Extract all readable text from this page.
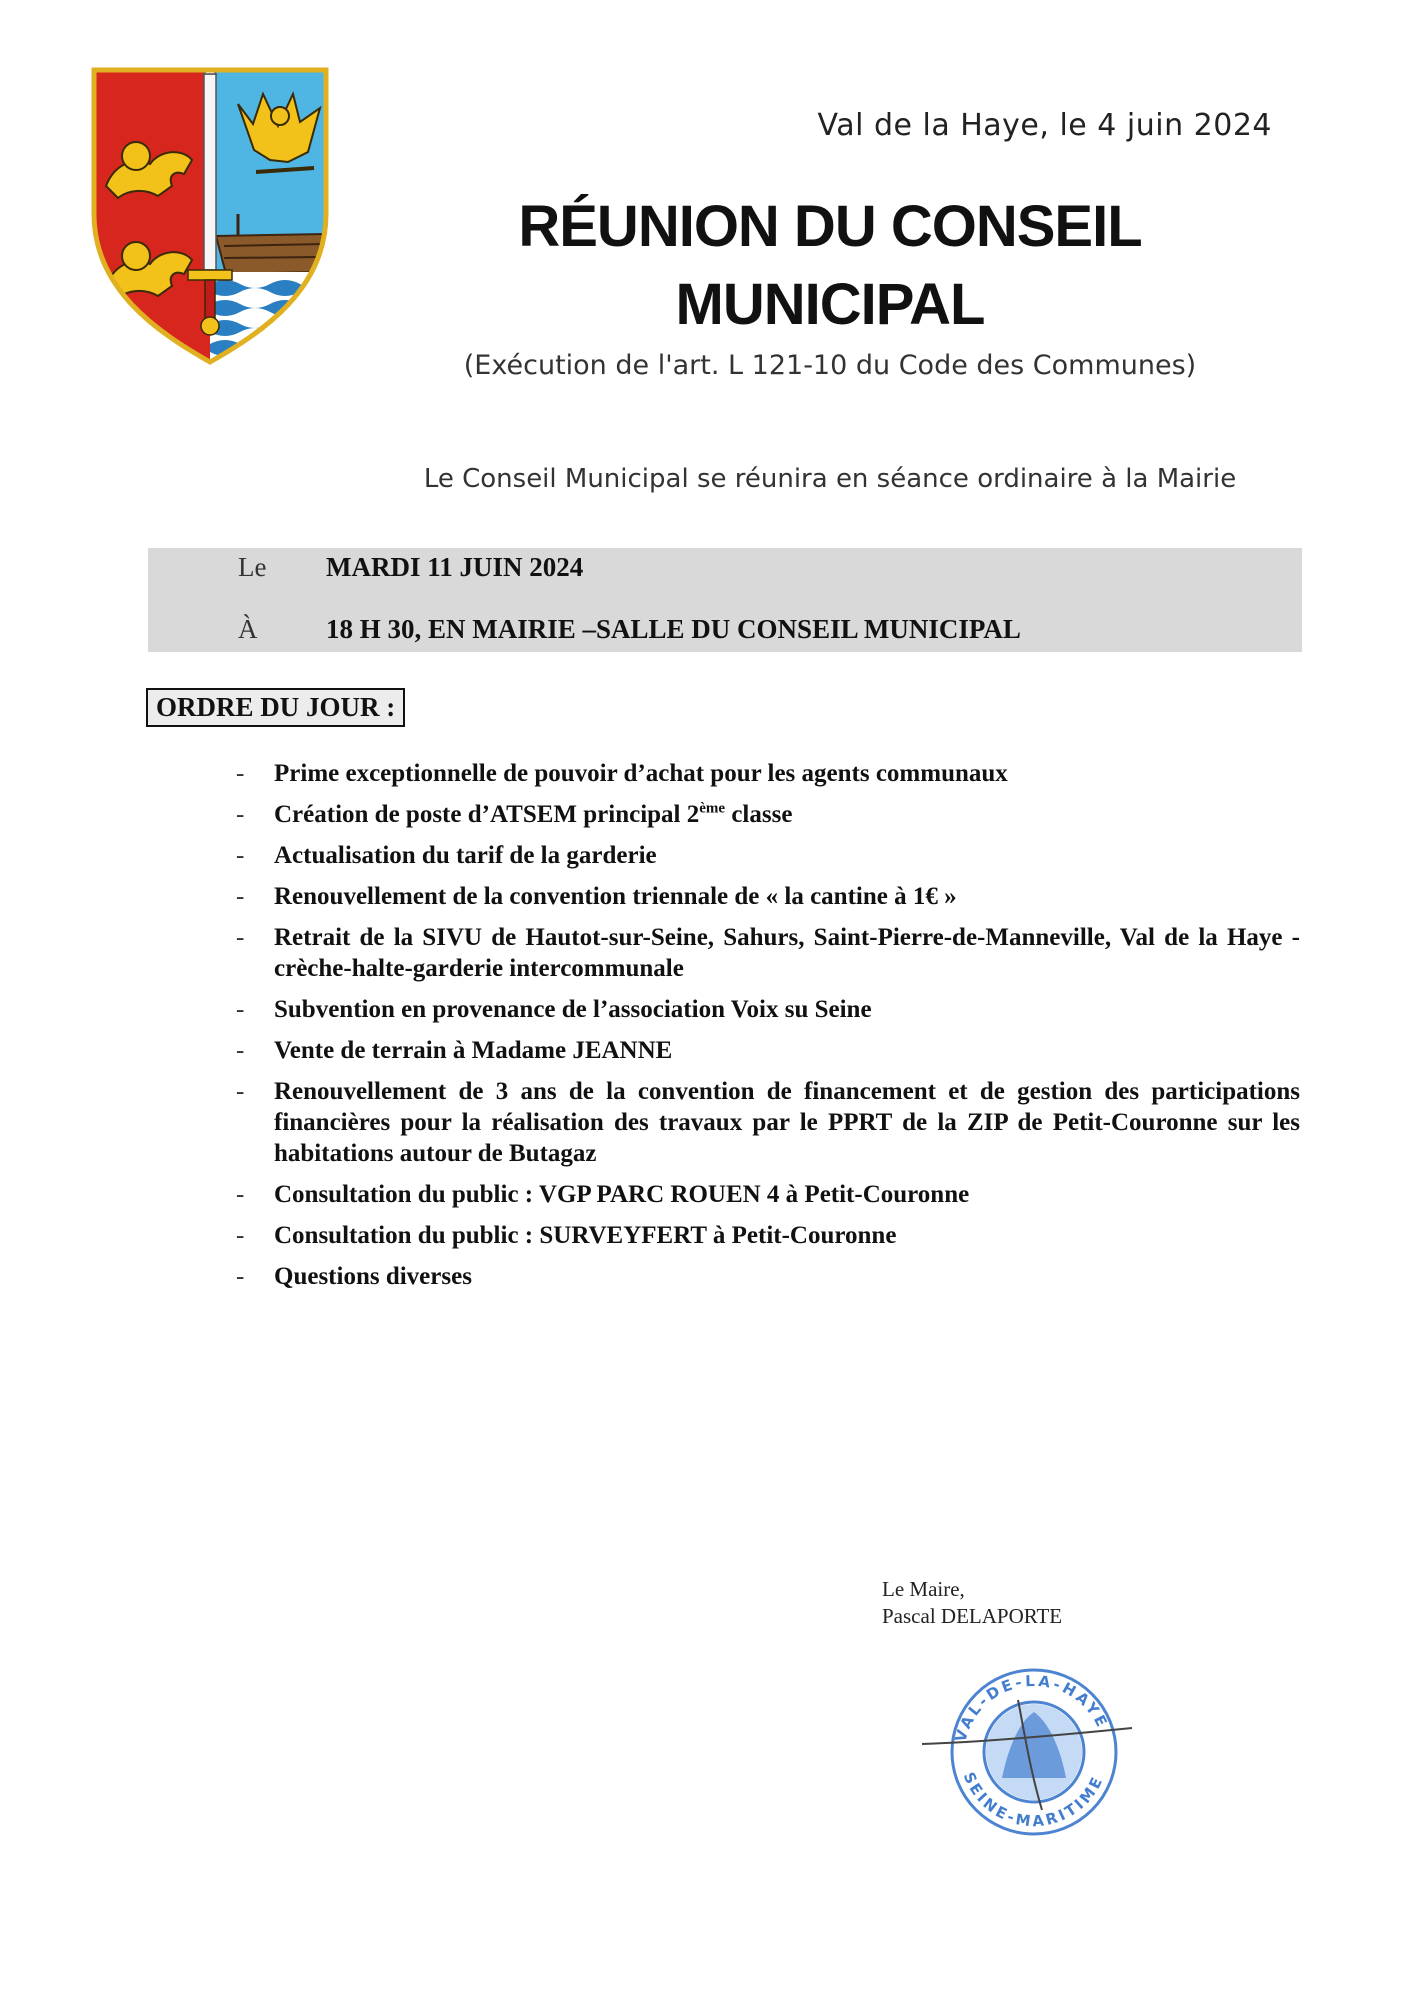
Val de la Haye, le 4 juin 2024
RÉUNION DU CONSEIL
MUNICIPAL
(Exécution de l'art. L 121-10 du Code des Communes)
Le Conseil Municipal se réunira en séance ordinaire à la Mairie
Le MARDI 11 JUIN 2024
À	18 H 30, EN MAIRIE –SALLE DU CONSEIL MUNICIPAL
ORDRE DU JOUR :
- Prime exceptionnelle de pouvoir d’achat pour les agents communaux
- Création de poste d’ATSEM principal 2ème classe
- Actualisation du tarif de la garderie
- Renouvellement de la convention triennale de « la cantine à 1€ »
- Retrait de la SIVU de Hautot-sur-Seine, Sahurs, Saint-Pierre-de-Manneville, Val de la Haye -crèche-halte-garderie intercommunale
- Subvention en provenance de l’association Voix su Seine
- Vente de terrain à Madame JEANNE
- Renouvellement de 3 ans de la convention de financement et de gestion des participations financières pour la réalisation des travaux par le PPRT de la ZIP de Petit-Couronne sur les habitations autour de Butagaz
- Consultation du public : VGP PARC ROUEN 4 à Petit-Couronne
- Consultation du public : SURVEYFERT à Petit-Couronne
- Questions diverses
Le Maire,
Pascal DELAPORTE
VAL-DE-LA-HAYE
SEINE-MARITIME
